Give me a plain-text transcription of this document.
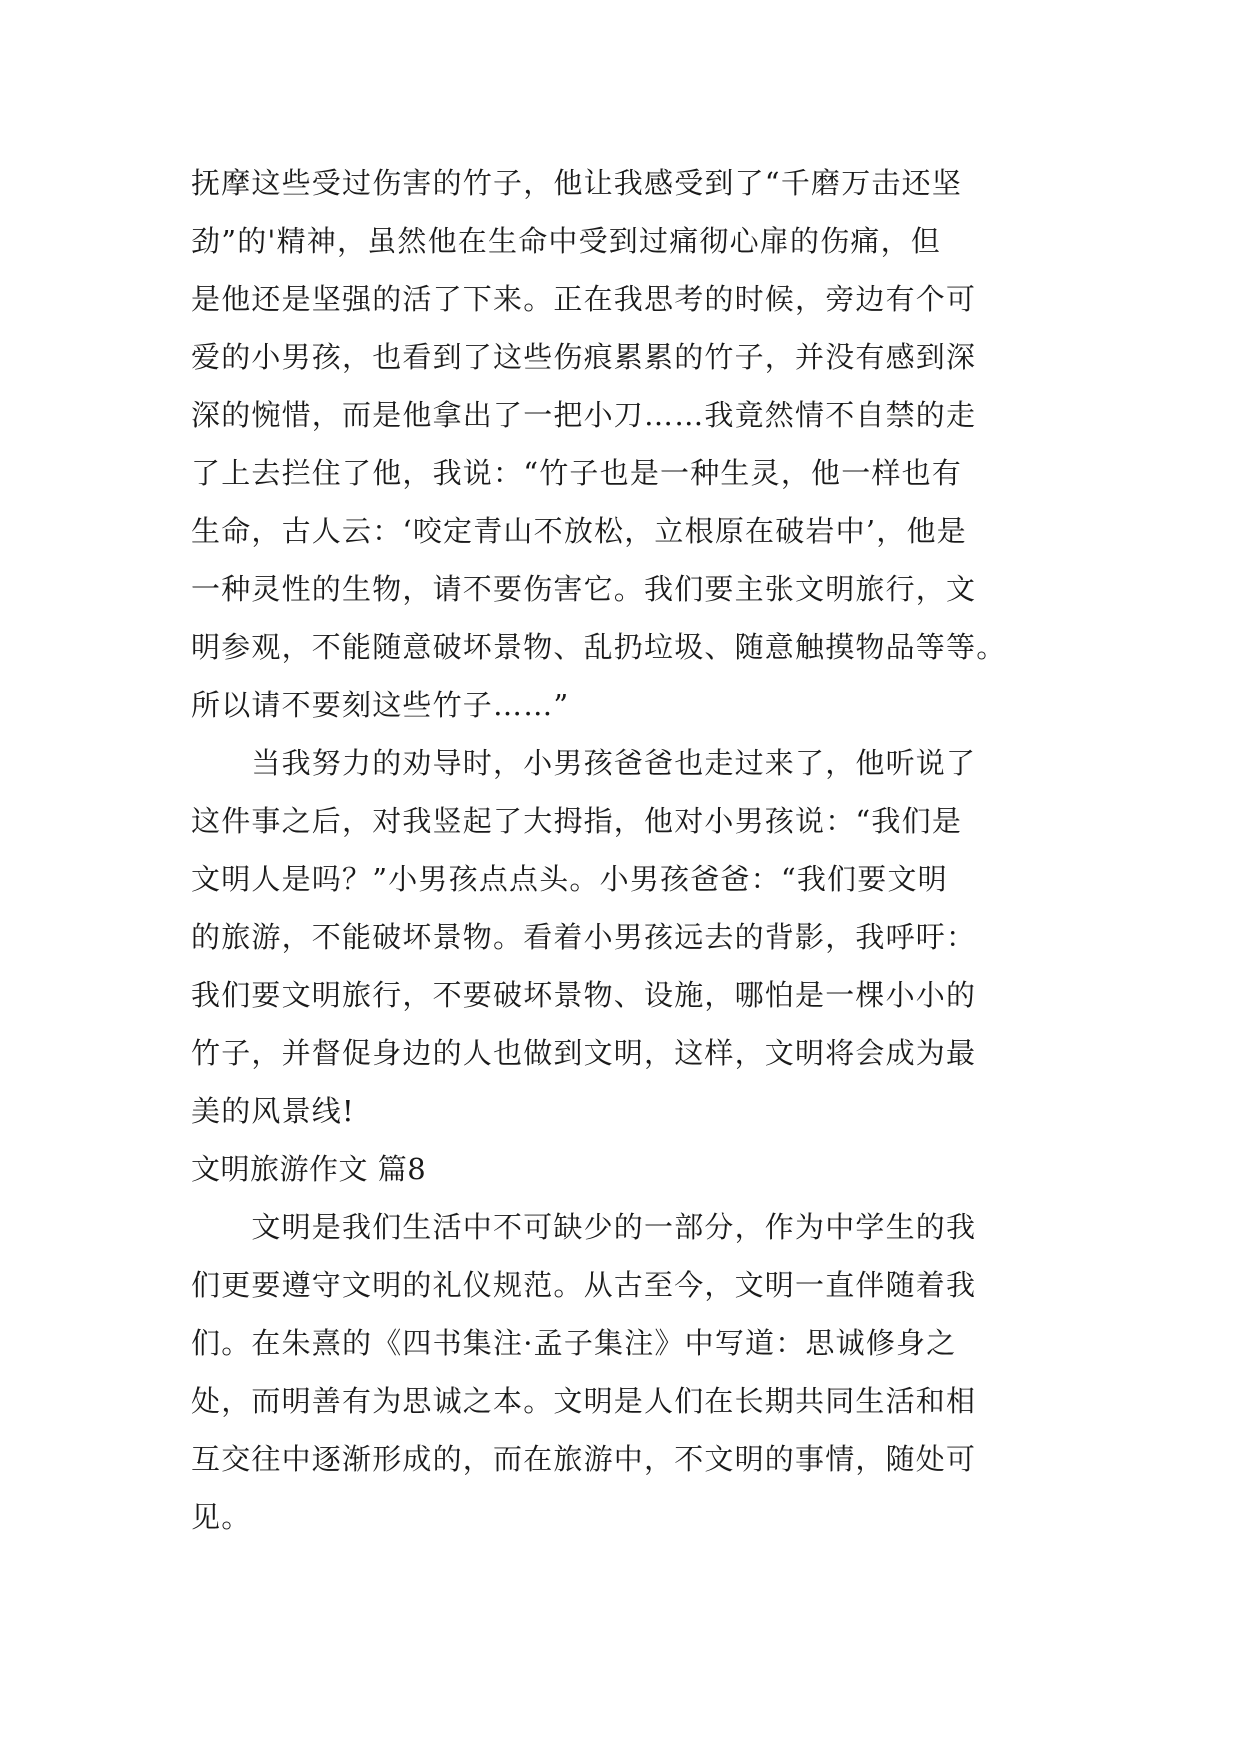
抚摩这些受过伤害的竹子，他让我感受到了“千磨万击还坚
劲”的'精神，虽然他在生命中受到过痛彻心扉的伤痛，但
是他还是坚强的活了下来。正在我思考的时候，旁边有个可
爱的小男孩，也看到了这些伤痕累累的竹子，并没有感到深
深的惋惜，而是他拿出了一把小刀……我竟然情不自禁的走
了上去拦住了他，我说：“竹子也是一种生灵，他一样也有
生命，古人云：‘咬定青山不放松，立根原在破岩中’，他是
一种灵性的生物，请不要伤害它。我们要主张文明旅行，文
明参观，不能随意破坏景物、乱扔垃圾、随意触摸物品等等。
所以请不要刻这些竹子……”
　　当我努力的劝导时，小男孩爸爸也走过来了，他听说了
这件事之后，对我竖起了大拇指，他对小男孩说：“我们是
文明人是吗？”小男孩点点头。小男孩爸爸：“我们要文明
的旅游，不能破坏景物。看着小男孩远去的背影，我呼吁：
我们要文明旅行，不要破坏景物、设施，哪怕是一棵小小的
竹子，并督促身边的人也做到文明，这样，文明将会成为最
美的风景线!
文明旅游作文 篇8
　　文明是我们生活中不可缺少的一部分，作为中学生的我
们更要遵守文明的礼仪规范。从古至今，文明一直伴随着我
们。在朱熹的《四书集注·孟子集注》中写道：思诚修身之
处，而明善有为思诚之本。文明是人们在长期共同生活和相
互交往中逐渐形成的，而在旅游中，不文明的事情，随处可
见。
